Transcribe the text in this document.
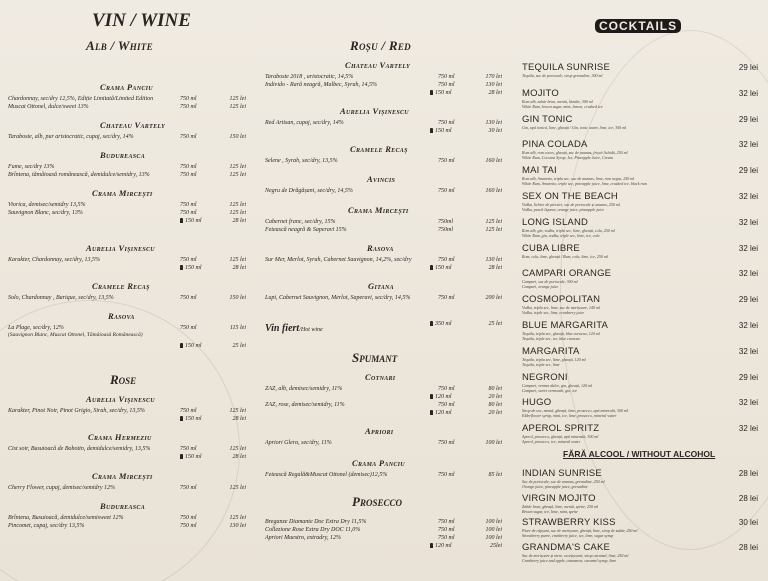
VIN / WINE
Alb / White	Roșu / Red
COCKTAILS
Crama Panciu
Chardonnay, sec/dry 12,5%, Ediție Limitată/Limited Edition	750 ml	125 lei
Muscat Ottonel, dulce/sweet 13%	750 ml	125 lei
Chateau Vartely
Taraboste, alb, pur aristocratic, cupaj, sec/dry, 14%	750 ml	150 lei
Budureasca
Fume, sec/dry 13%	750 ml	125 lei
Brîntena, tămâioasă românească, demidulce/semidry, 13%	750 ml	125 lei
Crama Mircești
Viorica, demisec/semidry 13,5%	750 ml	125 lei
Sauvignon Blanc, sec/dry, 13%	750 ml	125 lei
150 ml	28 lei
Aurelia Vișinescu
Karakter, Chardonnay, sec/dry, 13,5%	750 ml	125 lei
150 ml	28 lei
Cramele Recaș
Solo, Chardonnay , Barique, sec/dry, 13,5%	750 ml	150 lei
Rasova
La Plage, sec/dry, 12%	750 ml	115 lei
(Sauvignon Blanc, Muscat Ottonel, Tămâioasă Românească)
150 ml	25 lei
Rose
Aurelia Vișinescu
Karakter, Pinot Noir, Pinot Grigio, Sirah, sec/dry, 13,5%	750 ml	125 lei
150 ml	28 lei
Crama Hermeziu
Cist soir, Busuioacă de Bohotin, demidulce/semidry, 13,5%	750 ml	125 lei
150 ml	28 lei
Crama Mircești
Cherry Flower, cupaj, demisec/semidry 12%	750 ml	125 lei
Budureasca
Brîntena, Busuioacă, demidulce/semisweet 12%	750 ml	125 lei
Pincomet, cupaj, sec/dry 13,5%	750 ml	130 lei
Chateau Vartely
Taraboste 2018 , aristocratic, 14,5%	750 ml	170 lei
Individo - Rară neagră, Malbec, Syrah, 14,5%	750 ml	130 lei
150 ml	28 lei
Aurelia Vișinescu
Red Artisan, cupaj, sec/dry, 14%	750 ml	130 lei
150 ml	30 lei
Cramele Recaș
Selene , Syrah, sec/dry, 13,5%	750 ml	160 lei
Avincis
Negru de Drăgășani, sec/dry, 14,5%	750 ml	160 lei
Crama Mircești
Cabernet franc, sec/dry, 15%	750ml	125 lei
Fetească neagră & Saperavi 15%	750ml	125 lei
Rasova
Sur Mer, Merlot, Syrah, Cabernet Sauvignon, 14,2%, sec/dry	750 ml	130 lei
150 ml	28 lei
Gitana
Lupi, Cabernet Sauvignon, Merlot, Saperavi, sec/dry, 14,5%	750 ml	200 lei
Vin fiert/Hot wine
350 ml	25 lei
Spumant
Cotnari
ZAZ, alb, demisec/semidry, 11%	750 ml	80 lei
120 ml	20 lei
ZAZ, rose, demisec/semidry, 11%	750 ml	80 lei
120 ml	20 lei
Apriori
Apriori Glera, sec/dry, 11%	750 ml	100 lei
Crama Panciu
Fetească Regală&Muscat Ottonel (demisec)12,5%	750 ml	85 lei
Prosecco
Breganze Diamante Doc Extra Dry 11,5%	750 ml	100 lei
Collezione Rose Extra Dry DOC 11,0%	750 ml	100 lei
Apriori Maestro, extradry, 12%	750 ml	100 lei
120 ml	25lei
TEQUILA SUNRISE	29 lei
Tequila, suc de portocale, sirop grenadine, 300 ml
MOJITO	32 lei
Rom alb, zahăr brun, mentă, lămâie, 300 ml
White Rum, brown sugar, mint, lemon, crushed ice
GIN TONIC	29 lei
Gin, apă tonică, lime, gheață / Gin, tonic water, lime, ice, 300 ml
PINA COLADA	32 lei
Rom alb, rom cocos, gheață, suc de ananas, frișcă lichidă, 250 ml
White Rum, Coconut Syrup, Ice, Pineapple Juice, Cream
MAI TAI	29 lei
Rom alb, Amaretto, triplu sec, suc de ananas, lime, rom negru, 250 ml
White Rum, Amaretto, triple sec, pineapple juice, lime, crushed ice, black rum
SEX ON THE BEACH	32 lei
Vodka, lichior de piersici, suc de portocale și ananas, 250 ml
Vodka, peach liqueur, orange juice, pineapple juice
LONG ISLAND	32 lei
Rom alb, gin, vodka, triplu sec, lime, gheață, cola, 250 ml
White Rum, gin, vodka, triple sec, lime, ice, cola
CUBA LIBRE	32 lei
Rom, cola, lime, gheață / Rum, cola, lime, ice, 250 ml
CAMPARI ORANGE	32 lei
Campari, suc de portocale, 300 ml
Campari, orange juice
COSMOPOLITAN	29 lei
Vodka, triplu sec, lime, suc de merișoare, 140 ml
Vodka, triple sec, lime, cranberry juice
BLUE MARGARITA	32 lei
Tequila, triplu sec, gheață, blue curacao, 120 ml
Tequila, triple sec, ice, blue curacao
MARGARITA	32 lei
Tequila, triplu sec, lime, gheață, 120 ml
Tequila, triple sec, lime
NEGRONI	29 lei
Campari, vermut dulce, gin, gheață, 120 ml
Campari, sweet vermouth, gin, ice
HUGO	32 lei
Sirop de soc, mentă, gheață, lime, prosecco, apă minerală, 300 ml
Elderflower syrup, mint, ice, lime, prosecco, mineral water
APEROL SPRITZ	32 lei
Aperol, prosecco, gheață, apă minerală, 300 ml
Aperol, prosecco, ice, mineral water
FĂRĂ ALCOOL / WITHOUT ALCOHOL
INDIAN SUNRISE	28 lei
Suc de portocale, suc de ananas, grenadine, 250 ml
Orange juice, pineapple juice, grenadine
VIRGIN MOJITO	28 lei
Zahăr brun, gheață, lime, mentă, sprite, 250 ml
Brown sugar, ice, lime, mint, sprite
STRAWBERRY KISS	30 lei
Piure de căpșuni, suc de merișoare, gheață, lime, sirop de zahăr, 250 ml
Strawberry puree, cranberry juice, ice, lime, sugar syrup
GRANDMA'S CAKE	28 lei
Suc de merișoare și mere, scorțișoară, sirop caramel, lime, 250 ml
Cranberry juice and apple, cinnamon, caramel syrup, lime
